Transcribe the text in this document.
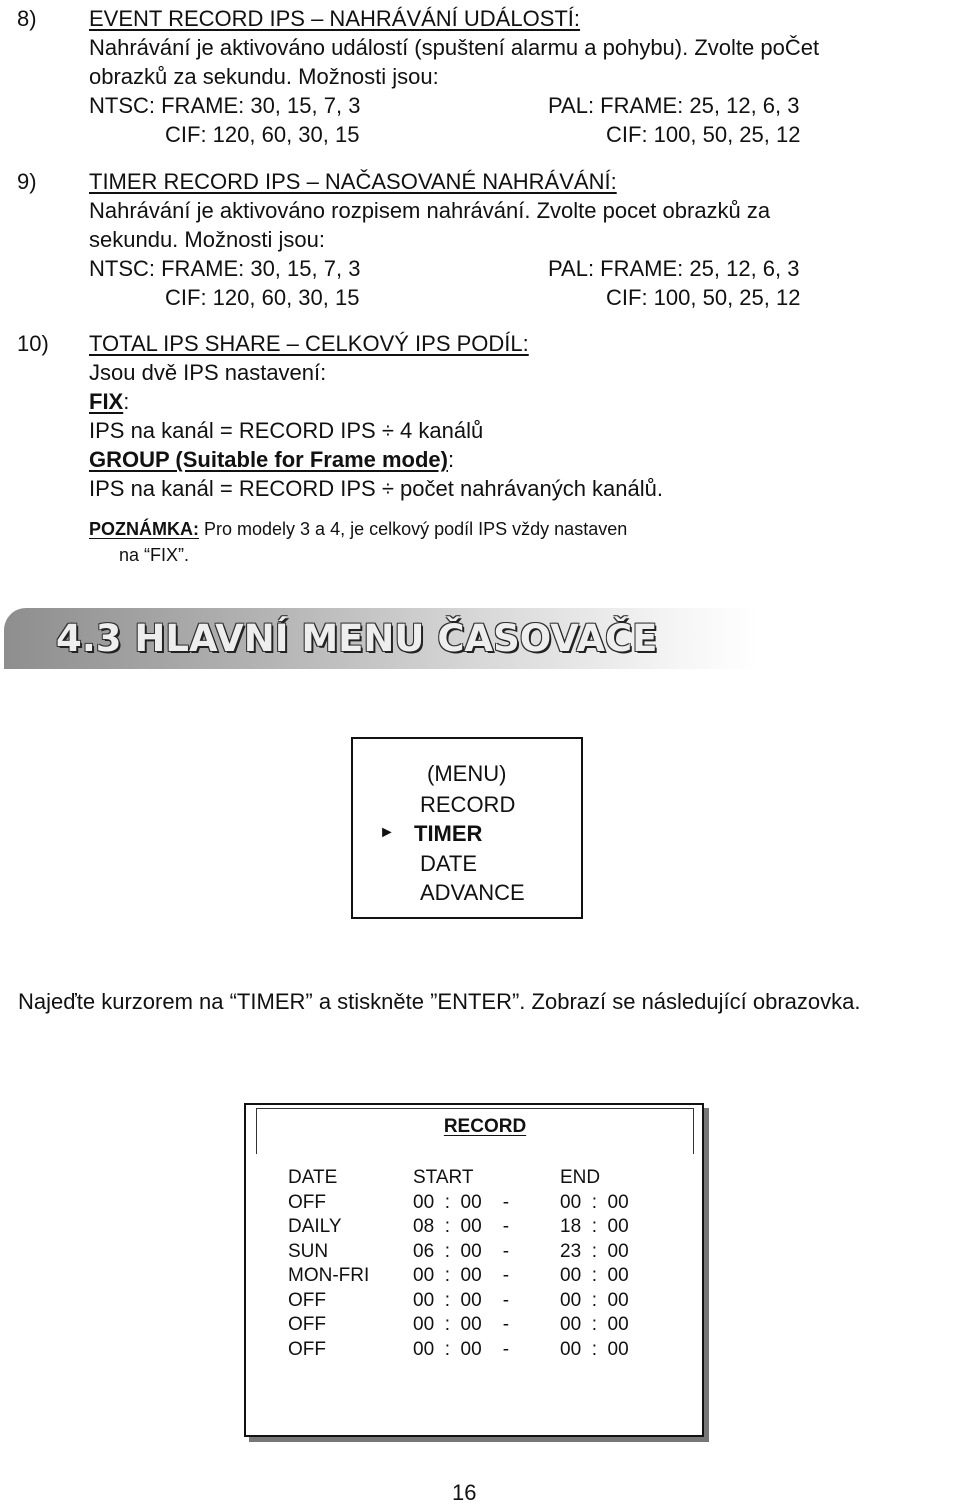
8) EVENT RECORD IPS – NAHRÁVÁNÍ UDÁLOSTÍ:
Nahrávání je aktivováno událostí (spuštení alarmu a pohybu). Zvolte poČet
obrazků za sekundu. Možnosti jsou:
NTSC: FRAME: 30, 15, 7, 3	PAL: FRAME: 25, 12, 6, 3
CIF: 120, 60, 30, 15	CIF: 100, 50, 25, 12
9) TIMER RECORD IPS – NAČASOVANÉ NAHRÁVÁNÍ:
Nahrávání je aktivováno rozpisem nahrávání. Zvolte pocet obrazků za
sekundu. Možnosti jsou:
NTSC: FRAME: 30, 15, 7, 3	PAL: FRAME: 25, 12, 6, 3
CIF: 120, 60, 30, 15	CIF: 100, 50, 25, 12
10) TOTAL IPS SHARE – CELKOVÝ IPS PODÍL:
Jsou dvě IPS nastavení:
FIX:
IPS na kanál = RECORD IPS ÷ 4 kanálů
GROUP (Suitable for Frame mode):
IPS na kanál = RECORD IPS ÷ počet nahrávaných kanálů.
POZNÁMKA: Pro modely 3 a 4, je celkový podíl IPS vždy nastaven
na “FIX”.
4.3 HLAVNÍ MENU ČASOVAČE
(MENU)
RECORD
► TIMER
DATE
ADVANCE
Najeďte kurzorem na “TIMER” a stiskněte ”ENTER”. Zobrazí se následující obrazovka.
RECORD
DATE	START	END
OFF	00  :  00    -	00  :  00
DAILY	08  :  00    -	18  :  00
SUN	06  :  00    -	23  :  00
MON-FRI 00  :  00    -	00  :  00
OFF	00  :  00    -	00  :  00
OFF	00  :  00    -	00  :  00
OFF	00  :  00    -	00  :  00
16
